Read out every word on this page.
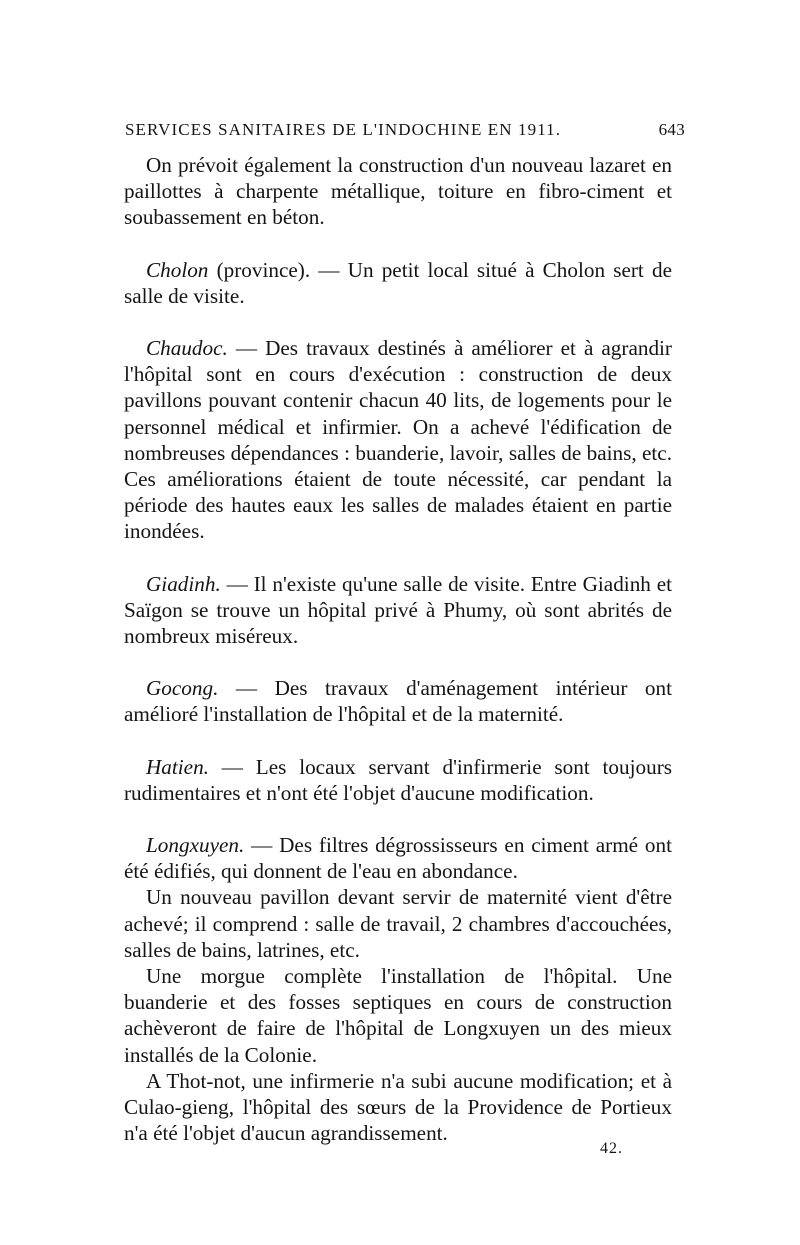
SERVICES SANITAIRES DE L'INDOCHINE EN 1911.	643

On prévoit également la construction d'un nouveau lazaret en paillottes à charpente métallique, toiture en fibro-ciment et soubassement en béton.

Cholon (province). — Un petit local situé à Cholon sert de salle de visite.

Chaudoc. — Des travaux destinés à améliorer et à agrandir l'hôpital sont en cours d'exécution : construction de deux pavillons pouvant contenir chacun 40 lits, de logements pour le personnel médical et infirmier. On a achevé l'édification de nombreuses dépendances : buanderie, lavoir, salles de bains, etc. Ces améliorations étaient de toute nécessité, car pendant la période des hautes eaux les salles de malades étaient en partie inondées.

Giadinh. — Il n'existe qu'une salle de visite. Entre Giadinh et Saïgon se trouve un hôpital privé à Phumy, où sont abrités de nombreux miséreux.

Gocong. — Des travaux d'aménagement intérieur ont amélioré l'installation de l'hôpital et de la maternité.

Hatien. — Les locaux servant d'infirmerie sont toujours rudimentaires et n'ont été l'objet d'aucune modification.

Longxuyen. — Des filtres dégrossisseurs en ciment armé ont été édifiés, qui donnent de l'eau en abondance.

Un nouveau pavillon devant servir de maternité vient d'être achevé; il comprend : salle de travail, 2 chambres d'accouchées, salles de bains, latrines, etc.

Une morgue complète l'installation de l'hôpital. Une buanderie et des fosses septiques en cours de construction achèveront de faire de l'hôpital de Longxuyen un des mieux installés de la Colonie.

A Thot-not, une infirmerie n'a subi aucune modification; et à Culao-gieng, l'hôpital des sœurs de la Providence de Portieux n'a été l'objet d'aucun agrandissement.

42.
